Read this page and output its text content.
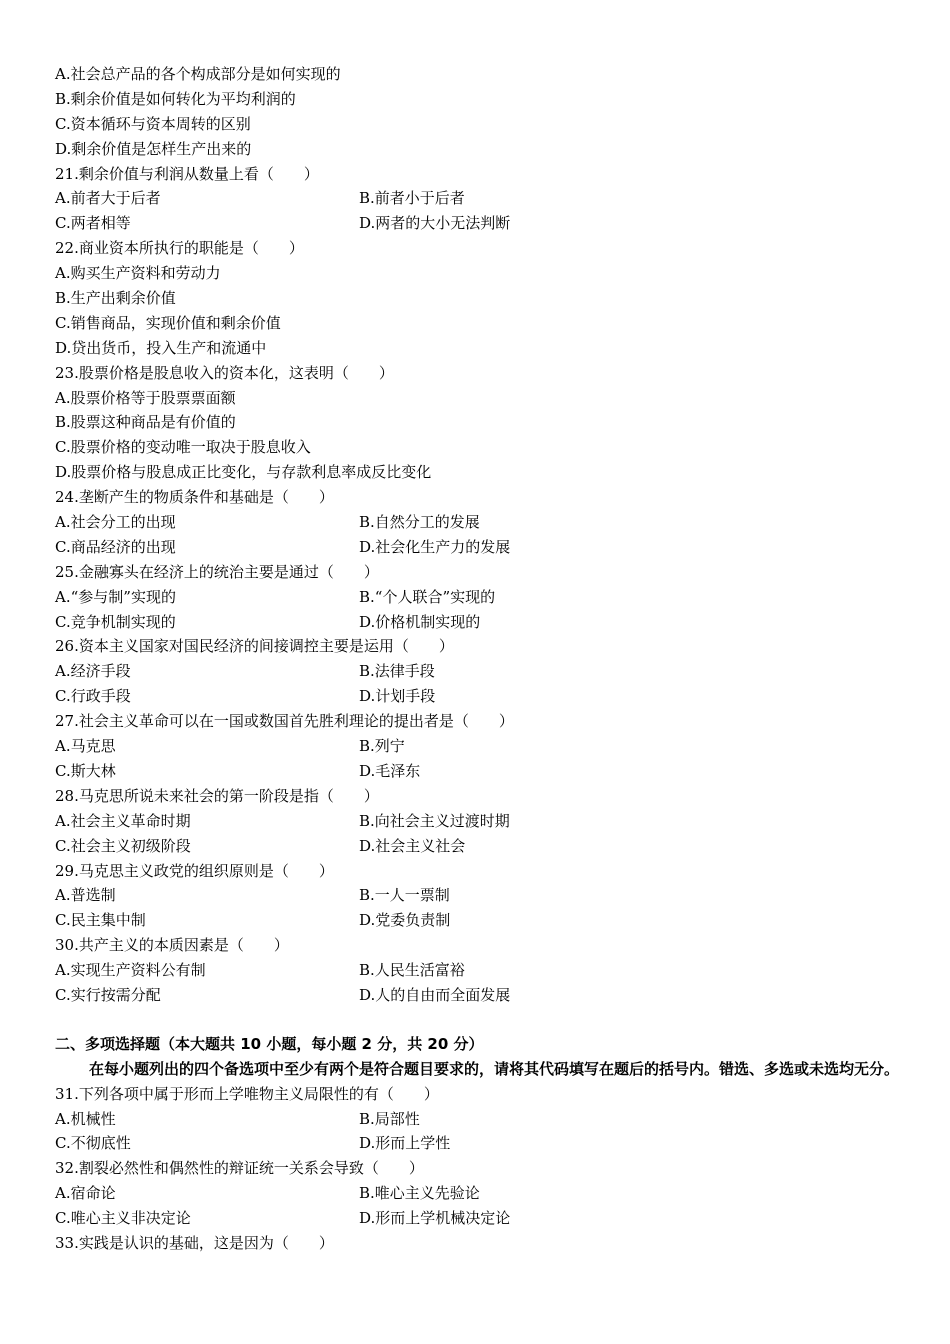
A.社会总产品的各个构成部分是如何实现的
B.剩余价值是如何转化为平均利润的
C.资本循环与资本周转的区别
D.剩余价值是怎样生产出来的
21.剩余价值与利润从数量上看（　　）
A.前者大于后者	B.前者小于后者
C.两者相等	D.两者的大小无法判断
22.商业资本所执行的职能是（　　）
A.购买生产资料和劳动力
B.生产出剩余价值
C.销售商品，实现价值和剩余价值
D.贷出货币，投入生产和流通中
23.股票价格是股息收入的资本化，这表明（　　）
A.股票价格等于股票票面额
B.股票这种商品是有价值的
C.股票价格的变动唯一取决于股息收入
D.股票价格与股息成正比变化，与存款利息率成反比变化
24.垄断产生的物质条件和基础是（　　）
A.社会分工的出现	B.自然分工的发展
C.商品经济的出现	D.社会化生产力的发展
25.金融寡头在经济上的统治主要是通过（　　）
A.“参与制”实现的	B.“个人联合”实现的
C.竞争机制实现的	D.价格机制实现的
26.资本主义国家对国民经济的间接调控主要是运用（　　）
A.经济手段	B.法律手段
C.行政手段	D.计划手段
27.社会主义革命可以在一国或数国首先胜利理论的提出者是（　　）
A.马克思	B.列宁
C.斯大林	D.毛泽东
28.马克思所说未来社会的第一阶段是指（　　）
A.社会主义革命时期	B.向社会主义过渡时期
C.社会主义初级阶段	D.社会主义社会
29.马克思主义政党的组织原则是（　　）
A.普选制	B.一人一票制
C.民主集中制	D.党委负责制
30.共产主义的本质因素是（　　）
A.实现生产资料公有制	B.人民生活富裕
C.实行按需分配	D.人的自由而全面发展
二、多项选择题（本大题共 10 小题，每小题 2 分，共 20 分）
在每小题列出的四个备选项中至少有两个是符合题目要求的，请将其代码填写在题后的括号内。错选、多选或未选均无分。
31.下列各项中属于形而上学唯物主义局限性的有（　　）
A.机械性	B.局部性
C.不彻底性	D.形而上学性
32.割裂必然性和偶然性的辩证统一关系会导致（　　）
A.宿命论	B.唯心主义先验论
C.唯心主义非决定论	D.形而上学机械决定论
33.实践是认识的基础，这是因为（　　）
